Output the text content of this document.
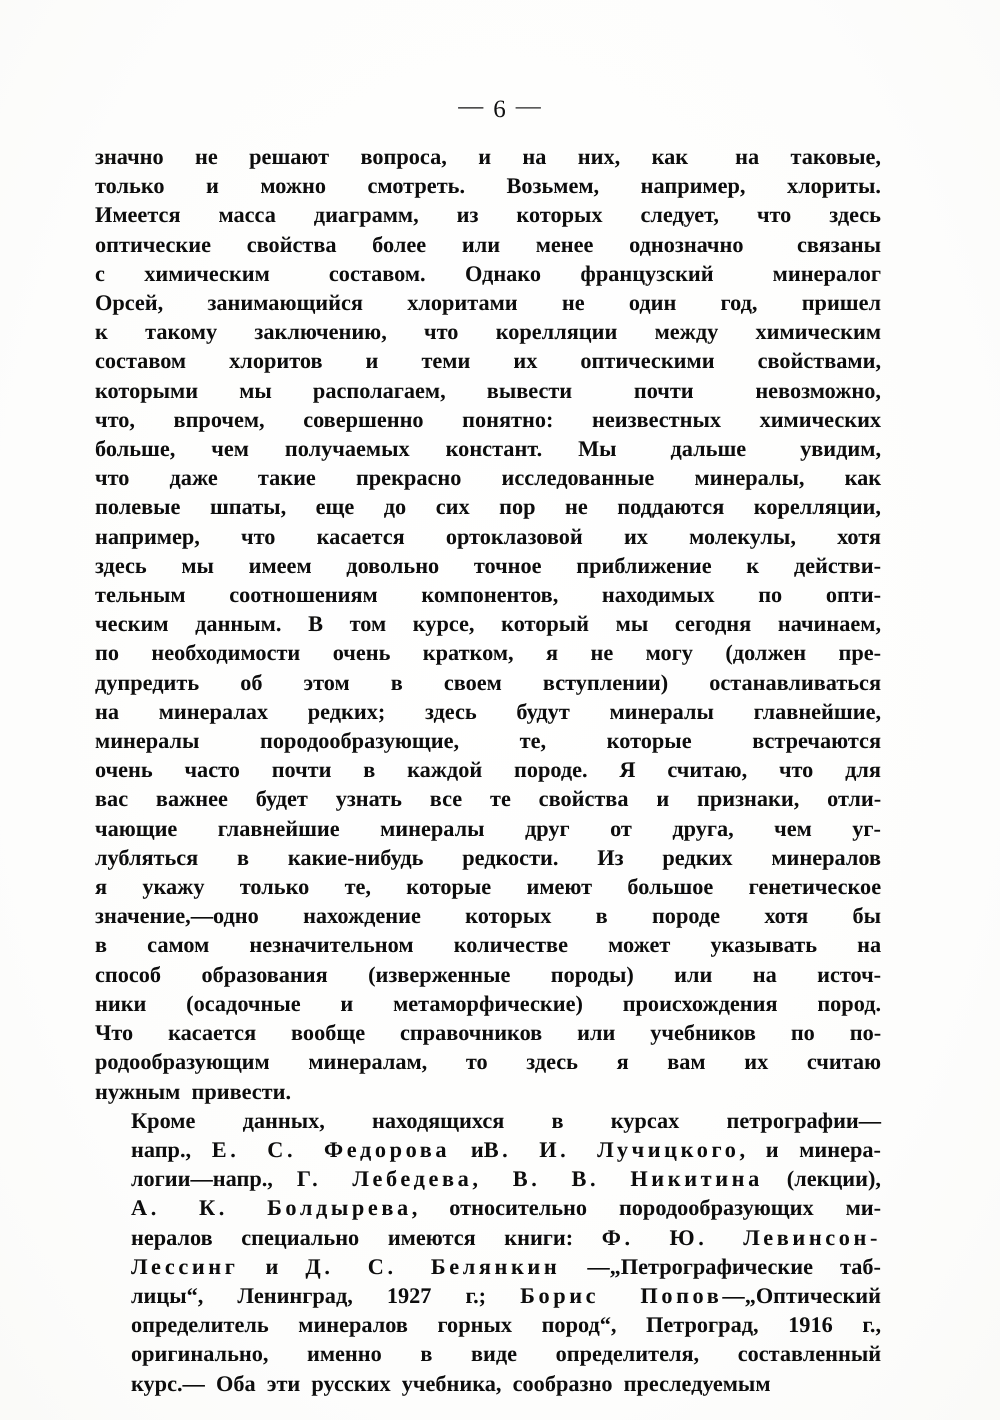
— 6 —

значно не решают вопроса, и на них, как на таковые,
только и можно смотреть. Возьмем, например, хлориты.
Имеется масса диаграмм, из которых следует, что здесь
оптические свойства более или менее однозначно связаны
с химическим	составом. Однако французский	минералог
Орсей, занимающийся хлоритами не один год, пришел
к такому заключению, что корелляции между химическим
составом хлоритов и теми их оптическими свойствами,
которыми мы располагаем, вывести	почти	невозможно,
что, впрочем, совершенно понятно: неизвестных химических
больше, чем получаемых констант. Мы дальше увидим,
что даже такие прекрасно исследованные минералы, как
полевые шпаты, еще до сих пор не поддаются корелляции,
например, что касается ортоклазовой их молекулы, хотя
здесь мы имеем довольно точное приближение к действи-
тельным соотношениям компонентов, находимых по опти-
ческим данным. В том курсе, который мы сегодня начинаем,
по необходимости очень кратком, я не могу (должен пре-
дупредить об этом в своем вступлении) останавливаться
на минералах редких; здесь будут минералы главнейшие,
минералы	породообразующие,	те,	которые	встречаются
очень часто почти в каждой породе. Я считаю, что для
вас важнее будет узнать все те свойства и признаки, отли-
чающие главнейшие минералы друг от друга, чем уг-
лубляться в какие-нибудь редкости. Из редких минералов
я укажу только те, которые имеют большое генетическое
значение,—одно нахождение которых в породе хотя бы
в самом незначительном количестве может указывать на
способ образования (изверженные породы) или на источ-
ники (осадочные и метаморфические) происхождения пород.
Что касается вообще справочников или учебников по по-
родообразующим минералам, то здесь я вам их считаю
нужным привести.

Кроме данных, находящихся в курсах петрографии—
напр., Е. С. Федорова иВ. И. Лучицкого, и минера-
логии—напр., Г. Лебедева, В. В. Никитина (лекции),
А. К. Болдырева, относительно породообразующих ми-
нералов специально имеются книги: Ф. Ю. Левинсон-
Лессинг и Д. С. Белянкин —„Петрографические таб-
лицы“, Ленинград, 1927 г.; Борис Попов—„Оптический
определитель минералов горных пород“, Петроград, 1916 г.,
оригинально, именно в виде определителя, составленный
курс.— Оба эти русских учебника, сообразно преследуемым
